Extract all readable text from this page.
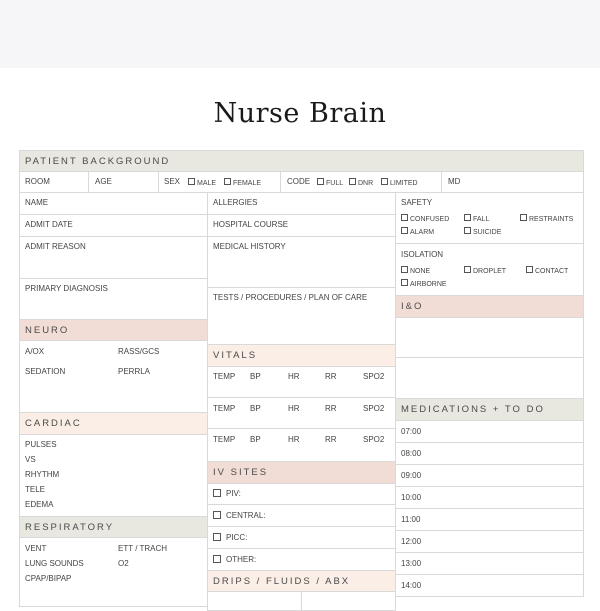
Nurse Brain
PATIENT BACKGROUND
ROOM	AGE	SEX	MALE	FEMALE	CODE	FULL	DNR	LIMITED	MD
NAME
ADMIT DATE
ADMIT REASON
PRIMARY DIAGNOSIS
NEURO
A/OX	RASS/GCS
SEDATION	PERRLA
CARDIAC
PULSES
VS
RHYTHM
TELE
EDEMA
RESPIRATORY
VENT	ETT / TRACH
LUNG SOUNDS	O2
CPAP/BIPAP
ALLERGIES
HOSPITAL COURSE
MEDICAL HISTORY
TESTS / PROCEDURES / PLAN OF CARE
VITALS
TEMP BP	HR	RR	SPO2
TEMP BP	HR	RR	SPO2
TEMP BP	HR	RR	SPO2
IV SITES
PIV:
CENTRAL:
PICC:
OTHER:
DRIPS / FLUIDS / ABX
SAFETY
CONFUSED	FALL	RESTRAINTS
ALARM	SUICIDE
ISOLATION
NONE	DROPLET	CONTACT
AIRBORNE
I&O
MEDICATIONS + TO DO
07:00
08:00
09:00
10:00
11:00
12:00
13:00
14:00
